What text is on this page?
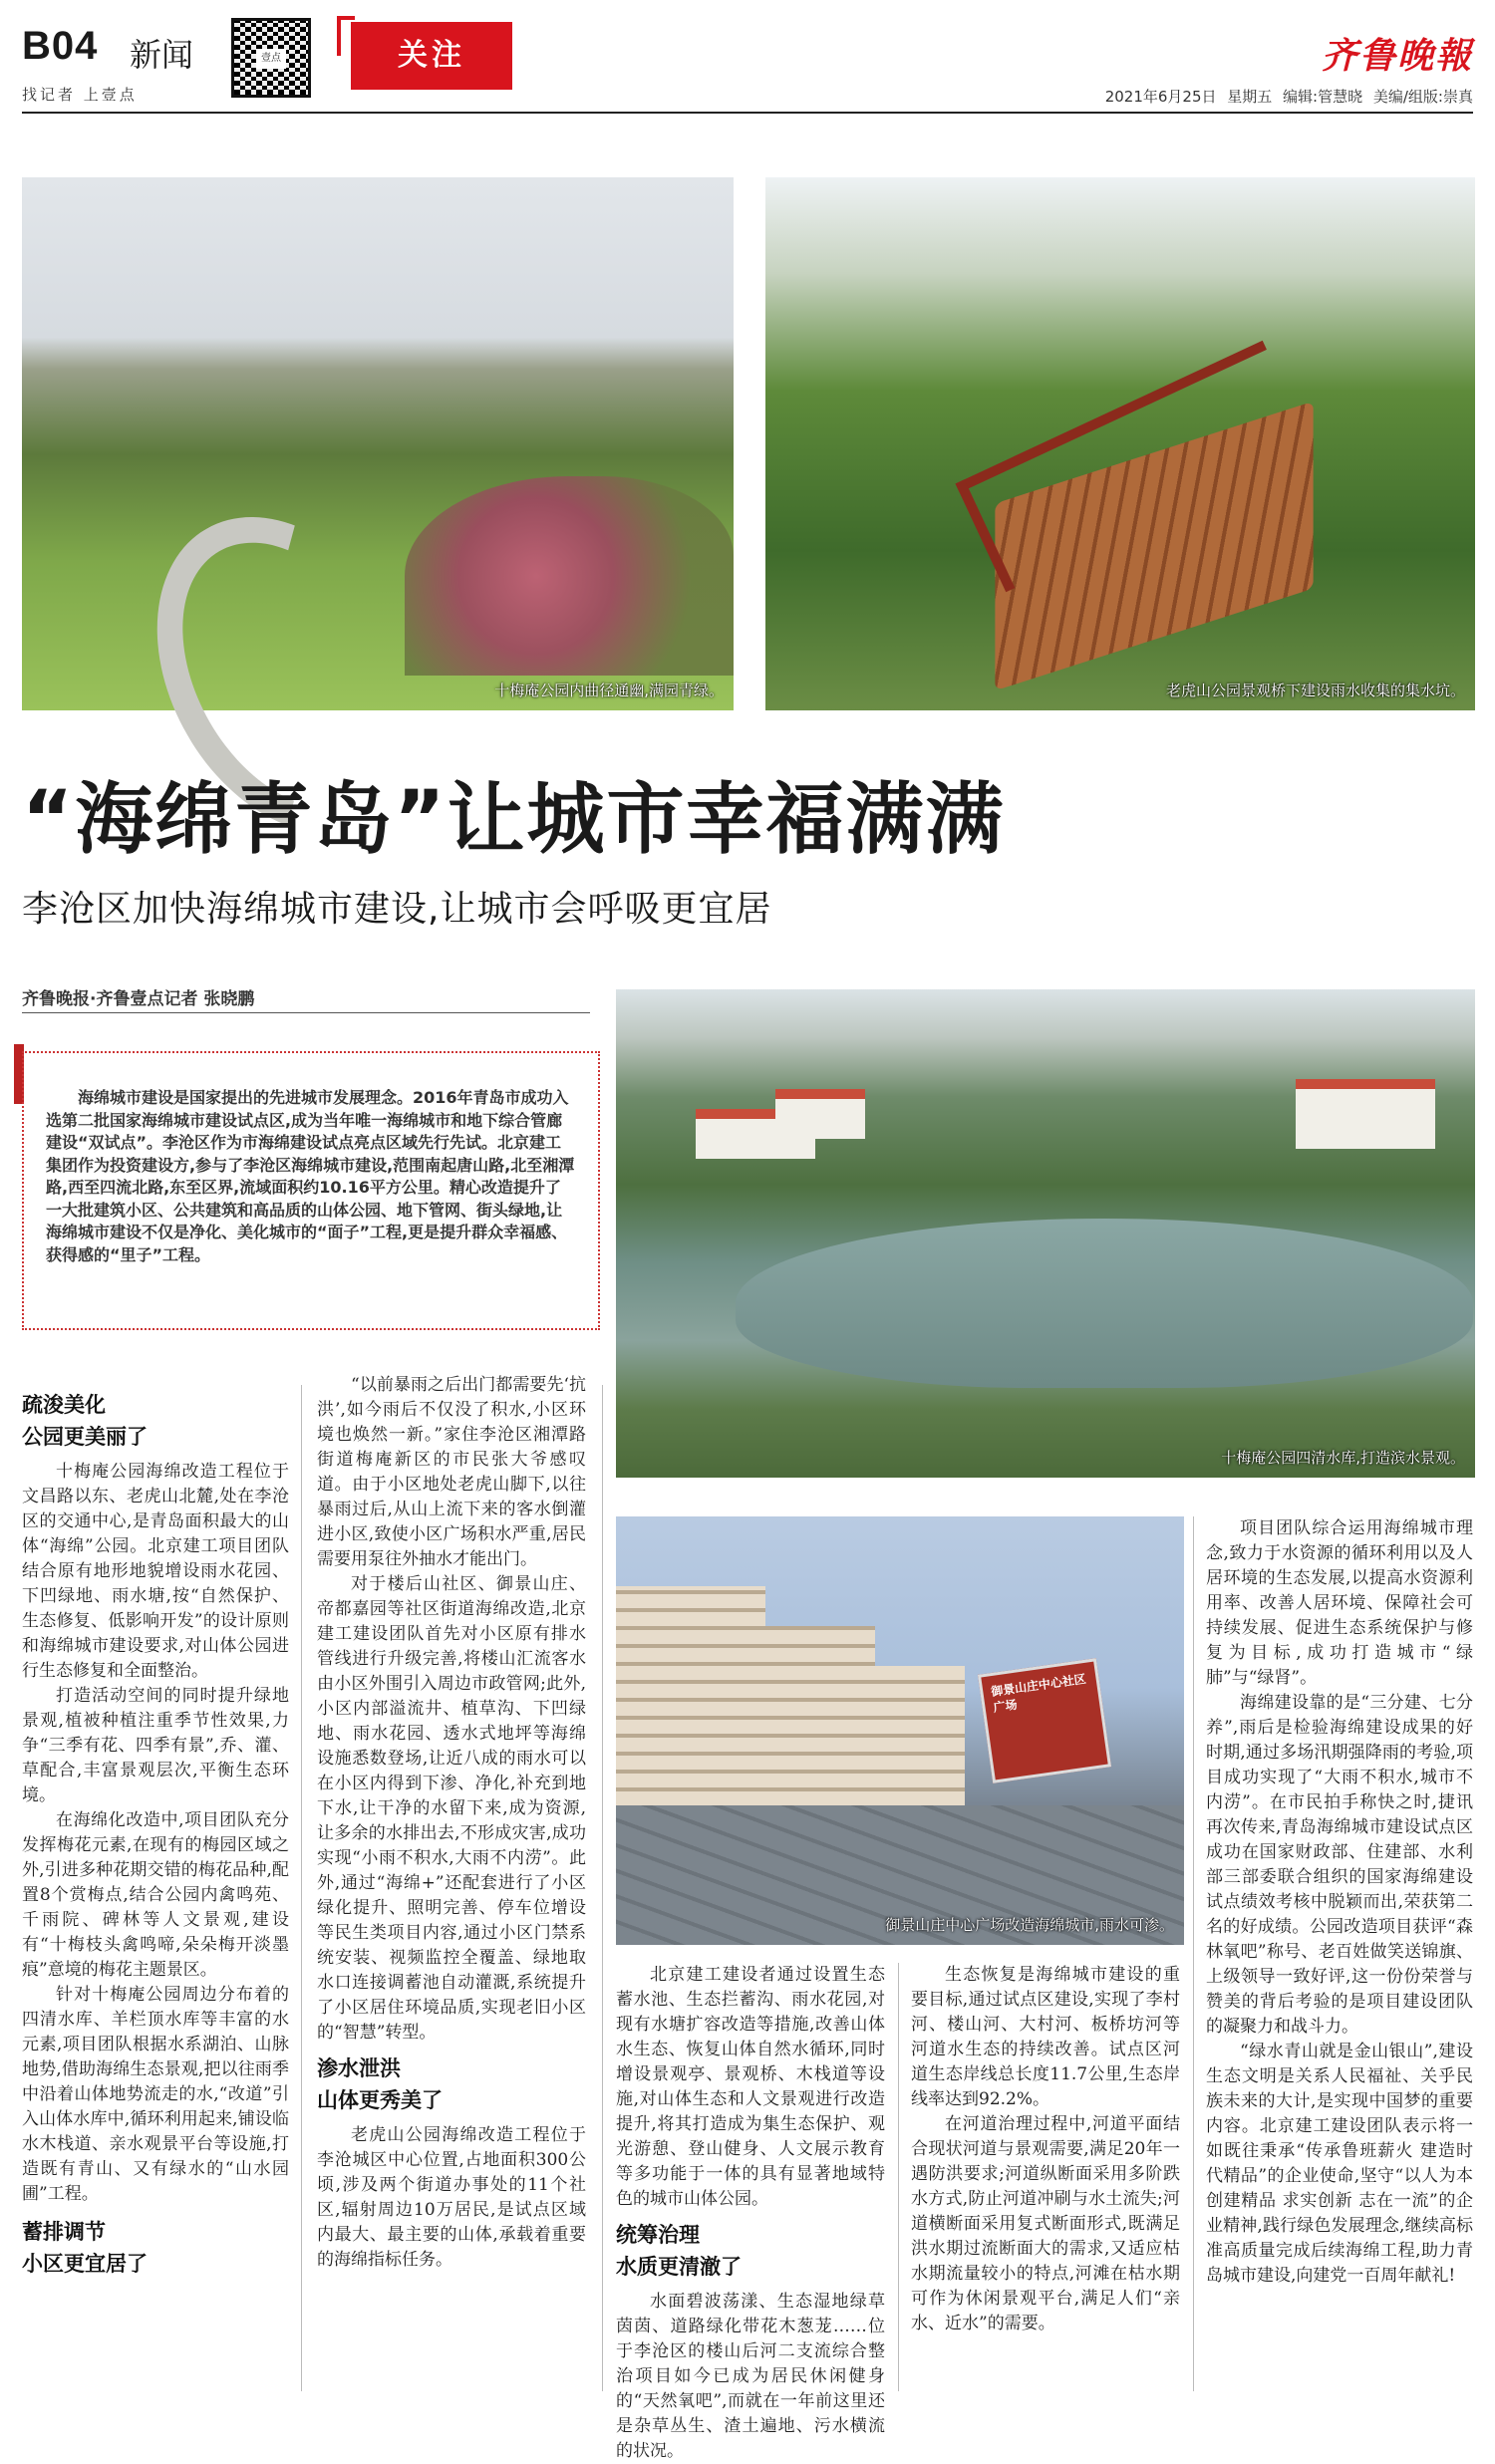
B04 新闻
找记者 上壹点
壹点	关注	齐鲁晚報
2021年6月25日 星期五 编辑:管慧晓 美编/组版:崇真
十梅庵公园内曲径通幽,满园青绿。	老虎山公园景观桥下建设雨水收集的集水坑。
“海绵青岛”让城市幸福满满
李沧区加快海绵城市建设,让城市会呼吸更宜居
齐鲁晚报·齐鲁壹点记者 张晓鹏

海绵城市建设是国家提出的先进城市发展理念。2016年青岛市成功入选第二批国家海绵城市建设试点区,成为当年唯一海绵城市和地下综合管廊建设“双试点”。李沧区作为市海绵建设试点亮点区域先行先试。北京建工集团作为投资建设方,参与了李沧区海绵城市建设,范围南起唐山路,北至湘潭路,西至四流北路,东至区界,流域面积约10.16平方公里。精心改造提升了一大批建筑小区、公共建筑和高品质的山体公园、地下管网、街头绿地,让海绵城市建设不仅是净化、美化城市的“面子”工程,更是提升群众幸福感、获得感的“里子”工程。

十梅庵公园四清水库,打造滨水景观。
疏浚美化
公园更美丽了

十梅庵公园海绵改造工程位于文昌路以东、老虎山北麓,处在李沧区的交通中心,是青岛面积最大的山体“海绵”公园。北京建工项目团队结合原有地形地貌增设雨水花园、下凹绿地、雨水塘,按“自然保护、生态修复、低影响开发”的设计原则和海绵城市建设要求,对山体公园进行生态修复和全面整治。

打造活动空间的同时提升绿地景观,植被种植注重季节性效果,力争“三季有花、四季有景”,乔、灌、草配合,丰富景观层次,平衡生态环境。

在海绵化改造中,项目团队充分发挥梅花元素,在现有的梅园区域之外,引进多种花期交错的梅花品种,配置8个赏梅点,结合公园内禽鸣苑、千雨院、碑林等人文景观,建设有“十梅枝头禽鸣啼,朵朵梅开淡墨痕”意境的梅花主题景区。

针对十梅庵公园周边分布着的四清水库、羊栏顶水库等丰富的水元素,项目团队根据水系湖泊、山脉地势,借助海绵生态景观,把以往雨季中沿着山体地势流走的水,“改道”引入山体水库中,循环利用起来,铺设临水木栈道、亲水观景平台等设施,打造既有青山、又有绿水的“山水园圃”工程。

蓄排调节
小区更宜居了

“以前暴雨之后出门都需要先‘抗洪’,如今雨后不仅没了积水,小区环境也焕然一新。”家住李沧区湘潭路街道梅庵新区的市民张大爷感叹道。由于小区地处老虎山脚下,以往暴雨过后,从山上流下来的客水倒灌进小区,致使小区广场积水严重,居民需要用泵往外抽水才能出门。

对于楼后山社区、御景山庄、帝都嘉园等社区街道海绵改造,北京建工建设团队首先对小区原有排水管线进行升级完善,将楼山汇流客水由小区外围引入周边市政管网;此外,小区内部溢流井、植草沟、下凹绿地、雨水花园、透水式地坪等海绵设施悉数登场,让近八成的雨水可以在小区内得到下渗、净化,补充到地下水,让干净的水留下来,成为资源,让多余的水排出去,不形成灾害,成功实现“小雨不积水,大雨不内涝”。此外,通过“海绵+”还配套进行了小区绿化提升、照明完善、停车位增设等民生类项目内容,通过小区门禁系统安装、视频监控全覆盖、绿地取水口连接调蓄池自动灌溉,系统提升了小区居住环境品质,实现老旧小区的“智慧”转型。

渗水泄洪
山体更秀美了

老虎山公园海绵改造工程位于李沧城区中心位置,占地面积300公顷,涉及两个街道办事处的11个社区,辐射周边10万居民,是试点区域内最大、最主要的山体,承载着重要的海绵指标任务。

御景山庄中心社区广场
御景山庄中心广场改造海绵城市,雨水可渗。

北京建工建设者通过设置生态蓄水池、生态拦蓄沟、雨水花园,对现有水塘扩容改造等措施,改善山体水生态、恢复山体自然水循环,同时增设景观亭、景观桥、木栈道等设施,对山体生态和人文景观进行改造提升,将其打造成为集生态保护、观光游憩、登山健身、人文展示教育等多功能于一体的具有显著地域特色的城市山体公园。

统筹治理
水质更清澈了

水面碧波荡漾、生态湿地绿草茵茵、道路绿化带花木葱茏……位于李沧区的楼山后河二支流综合整治项目如今已成为居民休闲健身的“天然氧吧”,而就在一年前这里还是杂草丛生、渣土遍地、污水横流的状况。

生态恢复是海绵城市建设的重要目标,通过试点区建设,实现了李村河、楼山河、大村河、板桥坊河等河道水生态的持续改善。试点区河道生态岸线总长度11.7公里,生态岸线率达到92.2%。

在河道治理过程中,河道平面结合现状河道与景观需要,满足20年一遇防洪要求;河道纵断面采用多阶跌水方式,防止河道冲刷与水土流失;河道横断面采用复式断面形式,既满足洪水期过流断面大的需求,又适应枯水期流量较小的特点,河滩在枯水期可作为休闲景观平台,满足人们“亲水、近水”的需要。

项目团队综合运用海绵城市理念,致力于水资源的循环利用以及人居环境的生态发展,以提高水资源利用率、改善人居环境、保障社会可持续发展、促进生态系统保护与修复为目标,成功打造城市“绿肺”与“绿肾”。

海绵建设靠的是“三分建、七分养”,雨后是检验海绵建设成果的好时期,通过多场汛期强降雨的考验,项目成功实现了“大雨不积水,城市不内涝”。在市民拍手称快之时,捷讯再次传来,青岛海绵城市建设试点区成功在国家财政部、住建部、水利部三部委联合组织的国家海绵建设试点绩效考核中脱颖而出,荣获第二名的好成绩。公园改造项目获评“森林氧吧”称号、老百姓做笑送锦旗、上级领导一致好评,这一份份荣誉与赞美的背后考验的是项目建设团队的凝聚力和战斗力。

“绿水青山就是金山银山”,建设生态文明是关系人民福祉、关乎民族未来的大计,是实现中国梦的重要内容。北京建工建设团队表示将一如既往秉承“传承鲁班薪火 建造时代精品”的企业使命,坚守“以人为本 创建精品 求实创新 志在一流”的企业精神,践行绿色发展理念,继续高标准高质量完成后续海绵工程,助力青岛城市建设,向建党一百周年献礼!
